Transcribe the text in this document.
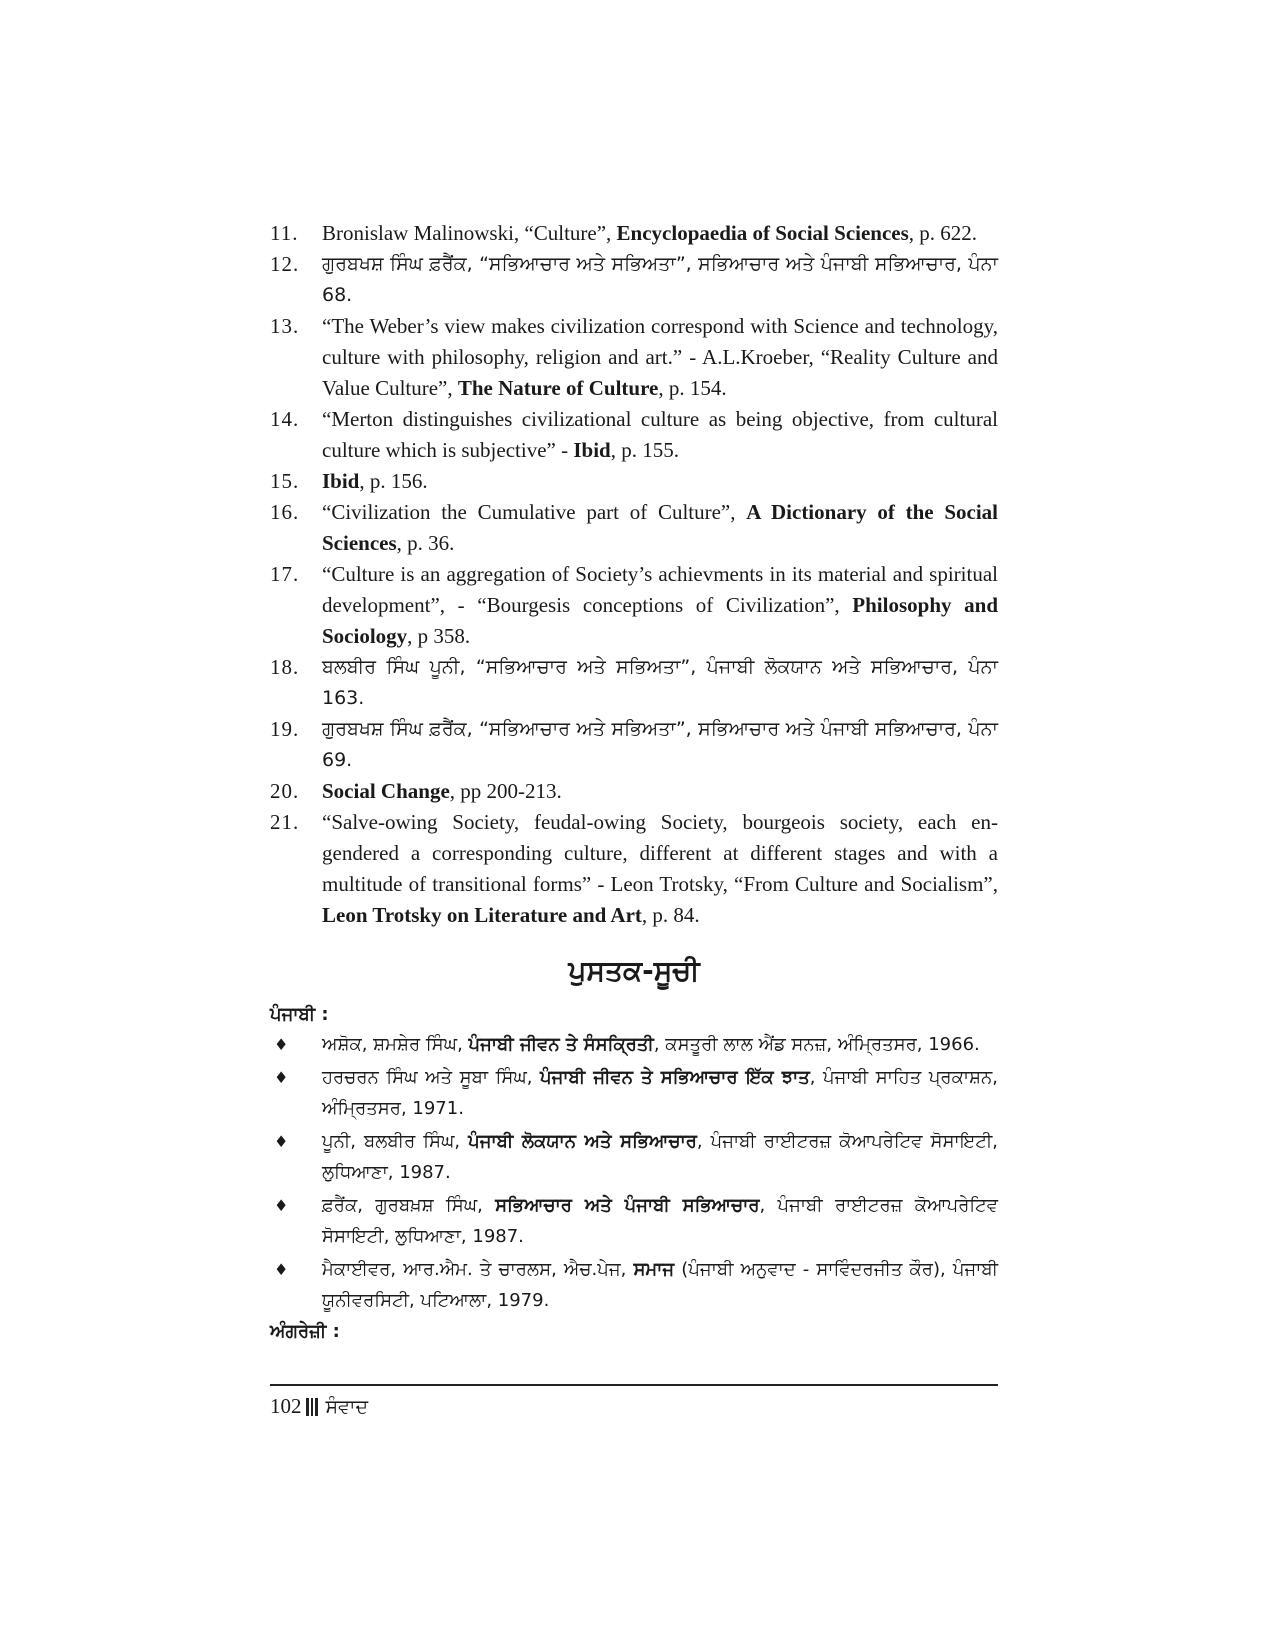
11.	Bronislaw Malinowski, “Culture”, Encyclopaedia of Social Sciences, p. 622.
12.	ਗੁਰਬਖਸ਼ ਸਿੰਘ ਫ਼ਰੈਂਕ, “ਸਭਿਆਚਾਰ ਅਤੇ ਸਭਿਅਤਾ”, ਸਭਿਆਚਾਰ ਅਤੇ ਪੰਜਾਬੀ ਸਭਿਆਚਾਰ, ਪੰਨਾ 68.
13.	“The Weber’s view makes civilization correspond with Science and technology, culture with philosophy, religion and art.” - A.L.Kroeber, “Reality Culture and Value Culture”, The Nature of Culture, p. 154.
14.	“Merton distinguishes civilizational culture as being objective, from cultural culture which is subjective” - Ibid, p. 155.
15.	Ibid, p. 156.
16.	“Civilization the Cumulative part of Culture”, A Dictionary of the Social Sciences, p. 36.
17.	“Culture is an aggregation of Society’s achievments in its material and spiritual development”, - “Bourgesis conceptions of Civilization”, Philosophy and Sociology, p 358.
18.	ਬਲਬੀਰ ਸਿੰਘ ਪੂਨੀ, “ਸਭਿਆਚਾਰ ਅਤੇ ਸਭਿਅਤਾ”, ਪੰਜਾਬੀ ਲੋਕਯਾਨ ਅਤੇ ਸਭਿਆਚਾਰ, ਪੰਨਾ 163.
19.	ਗੁਰਬਖਸ਼ ਸਿੰਘ ਫ਼ਰੈਂਕ, “ਸਭਿਆਚਾਰ ਅਤੇ ਸਭਿਅਤਾ”, ਸਭਿਆਚਾਰ ਅਤੇ ਪੰਜਾਬੀ ਸਭਿਆਚਾਰ, ਪੰਨਾ 69.
20.	Social Change, pp 200-213.
21.	“Salve-owing Society, feudal-owing Society, bourgeois society, each en-gendered a corresponding culture, different at different stages and with a multitude of transitional forms” - Leon Trotsky, “From Culture and Socialism”, Leon Trotsky on Literature and Art, p. 84.
ਪੁਸਤਕ-ਸੂਚੀ
ਪੰਜਾਬੀ :
♦	ਅਸ਼ੋਕ, ਸ਼ਮਸ਼ੇਰ ਸਿੰਘ, ਪੰਜਾਬੀ ਜੀਵਨ ਤੇ ਸੰਸਕ੍ਰਿਤੀ, ਕਸਤੂਰੀ ਲਾਲ ਐਂਡ ਸਨਜ਼, ਅੰਮ੍ਰਿਤਸਰ, 1966.
♦	ਹਰਚਰਨ ਸਿੰਘ ਅਤੇ ਸੂਬਾ ਸਿੰਘ, ਪੰਜਾਬੀ ਜੀਵਨ ਤੇ ਸਭਿਆਚਾਰ ਇੱਕ ਝਾਤ, ਪੰਜਾਬੀ ਸਾਹਿਤ ਪ੍ਰਕਾਸ਼ਨ, ਅੰਮ੍ਰਿਤਸਰ, 1971.
♦	ਪੂਨੀ, ਬਲਬੀਰ ਸਿੰਘ, ਪੰਜਾਬੀ ਲੋਕਯਾਨ ਅਤੇ ਸਭਿਆਚਾਰ, ਪੰਜਾਬੀ ਰਾਈਟਰਜ਼ ਕੋਆਪਰੇਟਿਵ ਸੋਸਾਇਟੀ, ਲੁਧਿਆਣਾ, 1987.
♦	ਫ਼ਰੈਂਕ, ਗੁਰਬਖ਼ਸ਼ ਸਿੰਘ, ਸਭਿਆਚਾਰ ਅਤੇ ਪੰਜਾਬੀ ਸਭਿਆਚਾਰ, ਪੰਜਾਬੀ ਰਾਈਟਰਜ਼ ਕੋਆਪਰੇਟਿਵ ਸੋਸਾਇਟੀ, ਲੁਧਿਆਣਾ, 1987.
♦	ਮੈਕਾਈਵਰ, ਆਰ.ਐਮ. ਤੇ ਚਾਰਲਸ, ਐਚ.ਪੇਜ, ਸਮਾਜ (ਪੰਜਾਬੀ ਅਨੁਵਾਦ - ਸਾਵਿੰਦਰਜੀਤ ਕੌਰ), ਪੰਜਾਬੀ ਯੂਨੀਵਰਸਿਟੀ, ਪਟਿਆਲਾ, 1979.
ਅੰਗਰੇਜ਼ੀ :
102 ਸੰਵਾਦ
